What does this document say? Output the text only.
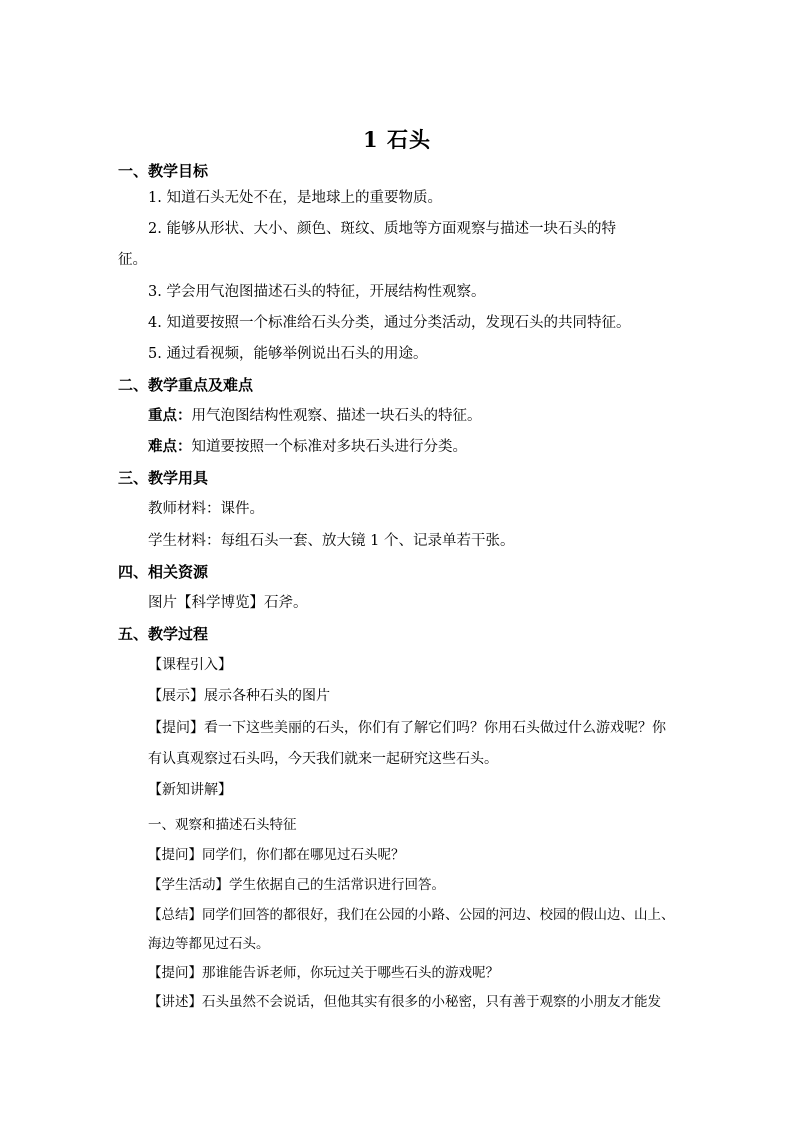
1 石头
一、教学目标
1. 知道石头无处不在，是地球上的重要物质。
2. 能够从形状、大小、颜色、斑纹、质地等方面观察与描述一块石头的特
征。
3. 学会用气泡图描述石头的特征，开展结构性观察。
4. 知道要按照一个标准给石头分类，通过分类活动，发现石头的共同特征。
5. 通过看视频，能够举例说出石头的用途。
二、教学重点及难点
重点：用气泡图结构性观察、描述一块石头的特征。
难点：知道要按照一个标准对多块石头进行分类。
三、教学用具
教师材料：课件。
学生材料：每组石头一套、放大镜 1 个、记录单若干张。
四、相关资源
图片【科学博览】石斧。
五、教学过程
【课程引入】
【展示】展示各种石头的图片
【提问】看一下这些美丽的石头，你们有了解它们吗？你用石头做过什么游戏呢？你
有认真观察过石头吗，今天我们就来一起研究这些石头。
【新知讲解】
一、观察和描述石头特征
【提问】同学们，你们都在哪见过石头呢？
【学生活动】学生依据自己的生活常识进行回答。
【总结】同学们回答的都很好，我们在公园的小路、公园的河边、校园的假山边、山上、
海边等都见过石头。
【提问】那谁能告诉老师，你玩过关于哪些石头的游戏呢？
【讲述】石头虽然不会说话，但他其实有很多的小秘密，只有善于观察的小朋友才能发
